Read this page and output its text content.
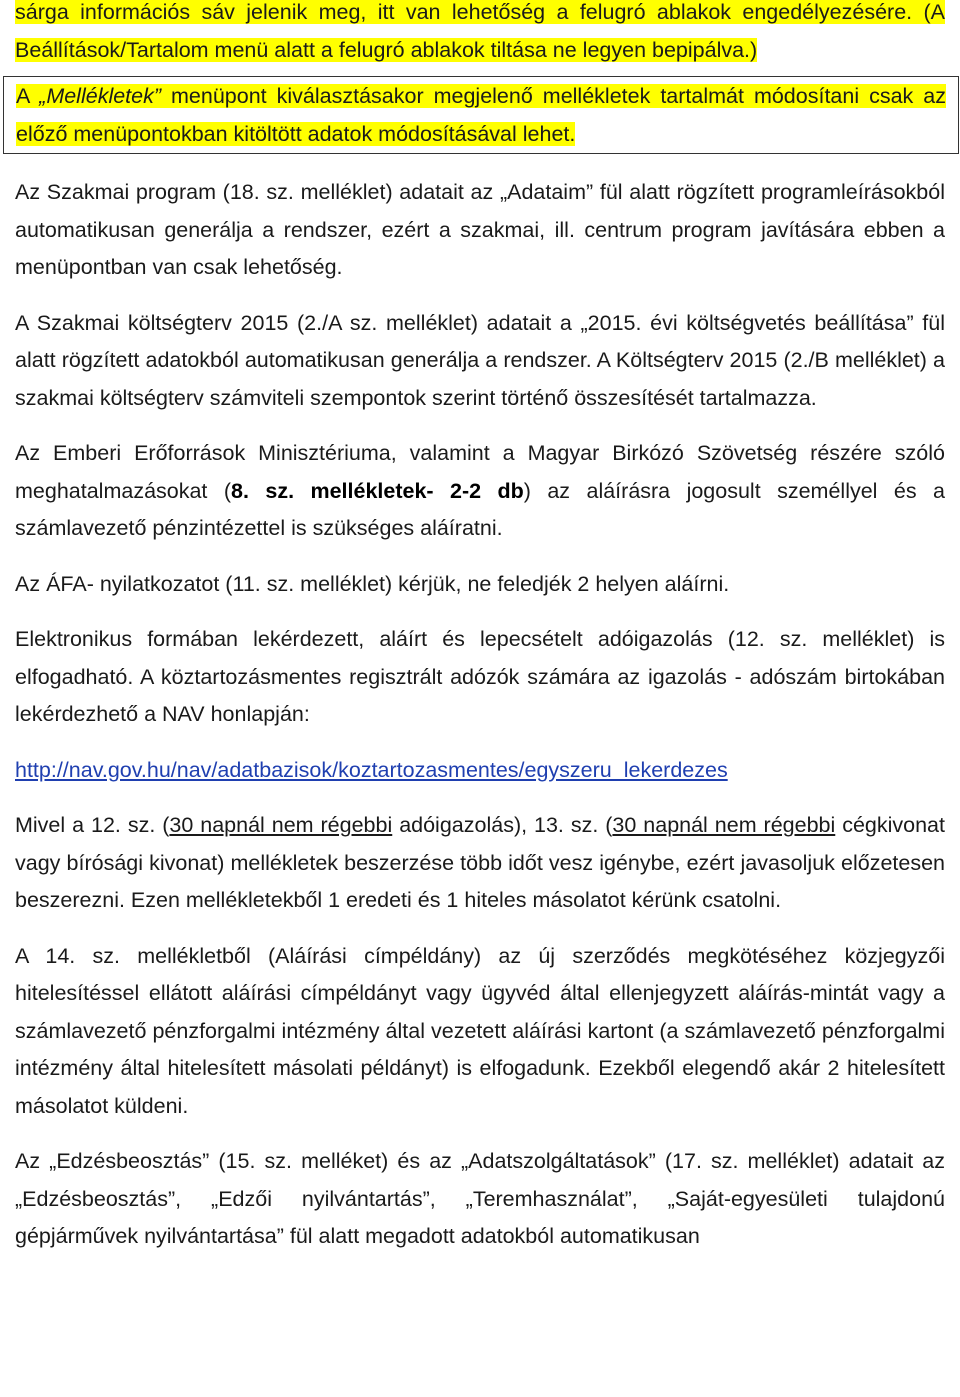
sárga információs sáv jelenik meg, itt van lehetőség a felugró ablakok engedélyezésére. (A Beállítások/Tartalom menü alatt a felugró ablakok tiltása ne legyen bepipálva.)

A „Mellékletek” menüpont kiválasztásakor megjelenő mellékletek tartalmát módosítani csak az előző menüpontokban kitöltött adatok módosításával lehet.

Az Szakmai program (18. sz. melléklet) adatait az „Adataim” fül alatt rögzített programleírásokból automatikusan generálja a rendszer, ezért a szakmai, ill. centrum program javítására ebben a menüpontban van csak lehetőség.

A Szakmai költségterv 2015 (2./A sz. melléklet) adatait a „2015. évi költségvetés beállítása” fül alatt rögzített adatokból automatikusan generálja a rendszer. A Költségterv 2015 (2./B melléklet) a szakmai költségterv számviteli szempontok szerint történő összesítését tartalmazza.

Az Emberi Erőforrások Minisztériuma, valamint a Magyar Birkózó Szövetség részére szóló meghatalmazásokat (8. sz. mellékletek- 2-2 db) az aláírásra jogosult személlyel és a számlavezető pénzintézettel is szükséges aláíratni.

Az ÁFA- nyilatkozatot (11. sz. melléklet) kérjük, ne feledjék 2 helyen aláírni.

Elektronikus formában lekérdezett, aláírt és lepecsételt adóigazolás (12. sz. melléklet) is elfogadható. A köztartozásmentes regisztrált adózók számára az igazolás - adószám birtokában lekérdezhető a NAV honlapján:

http://nav.gov.hu/nav/adatbazisok/koztartozasmentes/egyszeru_lekerdezes

Mivel a 12. sz. (30 napnál nem régebbi adóigazolás), 13. sz. (30 napnál nem régebbi cégkivonat vagy bírósági kivonat) mellékletek beszerzése több időt vesz igénybe, ezért javasoljuk előzetesen beszerezni. Ezen mellékletekből 1 eredeti és 1 hiteles másolatot kérünk csatolni.

A 14. sz. mellékletből (Aláírási címpéldány) az új szerződés megkötéséhez közjegyzői hitelesítéssel ellátott aláírási címpéldányt vagy ügyvéd által ellenjegyzett aláírás-mintát vagy a számlavezető pénzforgalmi intézmény által vezetett aláírási kartont (a számlavezető pénzforgalmi intézmény által hitelesített másolati példányt) is elfogadunk. Ezekből elegendő akár 2 hitelesített másolatot küldeni.

Az „Edzésbeosztás” (15. sz. melléket) és az „Adatszolgáltatások” (17. sz. melléklet) adatait az „Edzésbeosztás”, „Edzői nyilvántartás”, „Teremhasználat”, „Saját-egyesületi tulajdonú gépjárművek nyilvántartása” fül alatt megadott adatokból automatikusan
